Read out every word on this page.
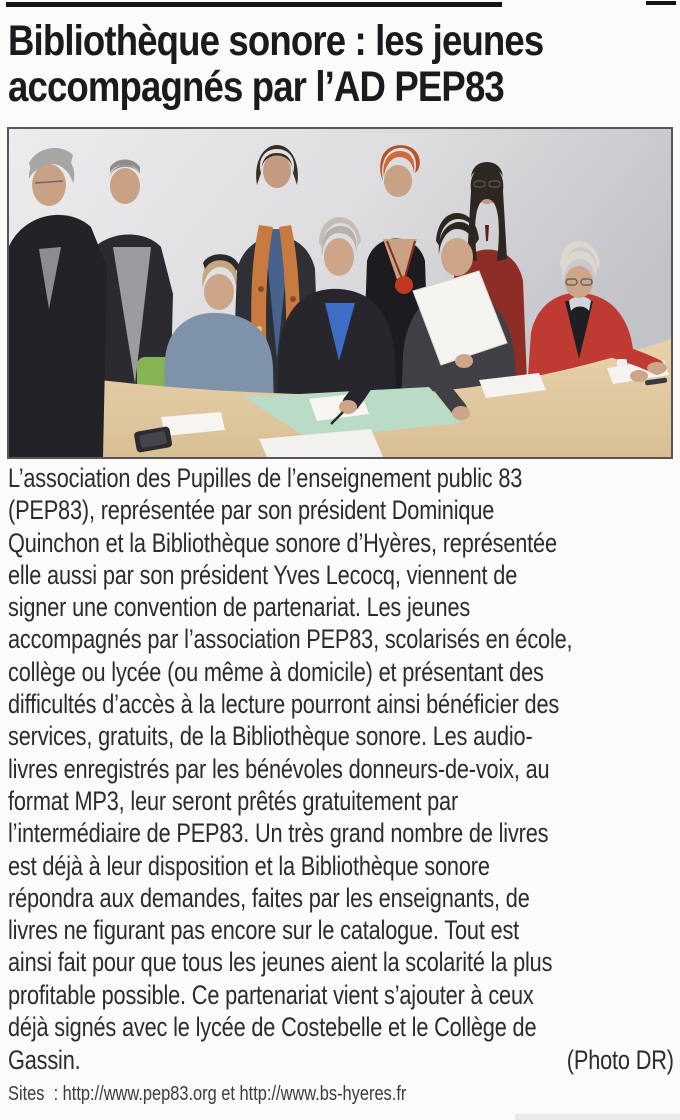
Bibliothèque sonore : les jeunes
accompagnés par l’AD PEP83
L’association des Pupilles de l’enseignement public 83
(PEP83), représentée par son président Dominique
Quinchon et la Bibliothèque sonore d’Hyères, représentée
elle aussi par son président Yves Lecocq, viennent de
signer une convention de partenariat. Les jeunes
accompagnés par l’association PEP83, scolarisés en école,
collège ou lycée (ou même à domicile) et présentant des
difficultés d’accès à la lecture pourront ainsi bénéficier des
services, gratuits, de la Bibliothèque sonore. Les audio-
livres enregistrés par les bénévoles donneurs-de-voix, au
format MP3, leur seront prêtés gratuitement par
l’intermédiaire de PEP83. Un très grand nombre de livres
est déjà à leur disposition et la Bibliothèque sonore
répondra aux demandes, faites par les enseignants, de
livres ne figurant pas encore sur le catalogue. Tout est
ainsi fait pour que tous les jeunes aient la scolarité la plus
profitable possible. Ce partenariat vient s’ajouter à ceux
déjà signés avec le lycée de Costebelle et le Collège de
Gassin.	(Photo DR)
Sites  : http://www.pep83.org et http://www.bs-hyeres.fr
